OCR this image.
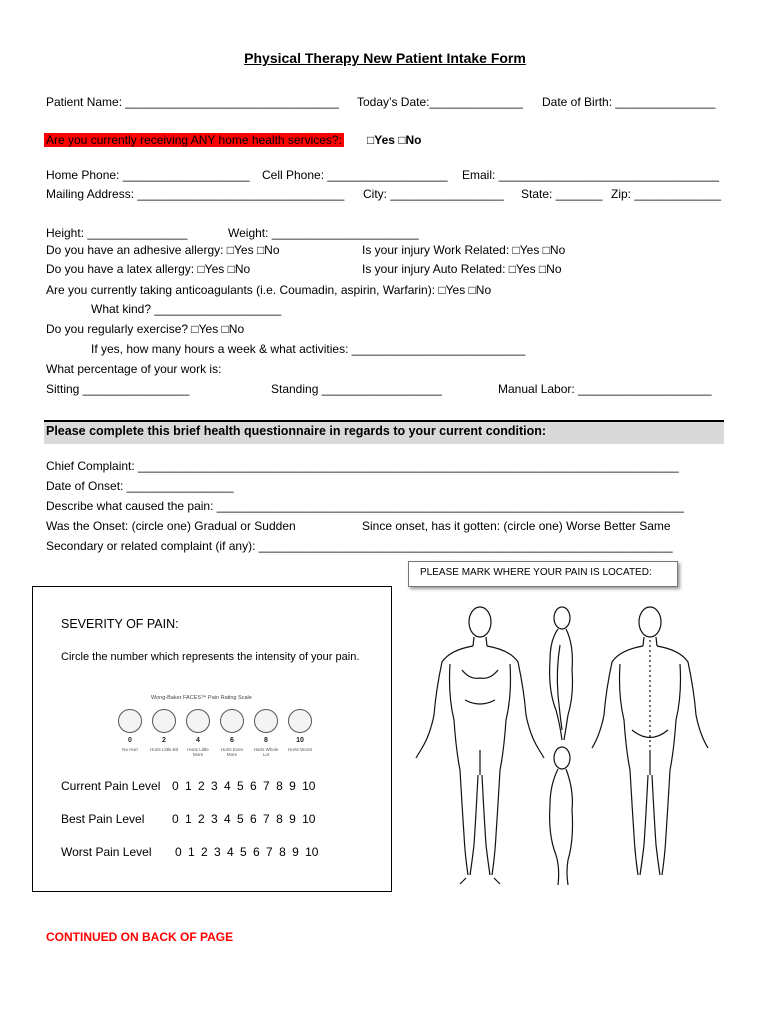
Physical Therapy New Patient Intake Form
Patient Name: ________________________________ Today’s Date:______________ Date of Birth: _______________
Are you currently receiving ANY home health services?: □Yes □No
Home Phone: ___________________ Cell Phone: __________________ Email: _________________________________
Mailing Address: _______________________________ City: _________________ State: _______ Zip: _____________
Height: _______________	Weight: ______________________
Do you have an adhesive allergy: □Yes □No	Is your injury Work Related: □Yes □No
Do you have a latex allergy: □Yes □No	Is your injury Auto Related: □Yes □No
Are you currently taking anticoagulants (i.e. Coumadin, aspirin, Warfarin): □Yes □No
What kind? ___________________
Do you regularly exercise? □Yes □No
If yes, how many hours a week & what activities: __________________________
What percentage of your work is:
Sitting ________________	Standing __________________	Manual Labor: ____________________
Please complete this brief health questionnaire in regards to your current condition:
Chief Complaint: _________________________________________________________________________________
Date of Onset: ________________
Describe what caused the pain: ______________________________________________________________________
Was the Onset: (circle one) Gradual or Sudden	Since onset, has it gotten: (circle one) Worse Better Same
Secondary or related complaint (if any): ______________________________________________________________
PLEASE MARK WHERE YOUR PAIN IS LOCATED:
SEVERITY OF PAIN:
Circle the number which represents the intensity of your pain.
Wong-Baker FACES™ Pain Rating Scale
0
No Hurt
2
Hurts Little Bit
4
Hurts Little More
6
Hurts Even More
8
Hurts Whole Lot
10
Hurts Worst
Current Pain Level 0 1 2 3 4 5 6 7 8 9 10
Best Pain Level 0 1 2 3 4 5 6 7 8 9 10
Worst Pain Level 0 1 2 3 4 5 6 7 8 9 10
CONTINUED ON BACK OF PAGE
